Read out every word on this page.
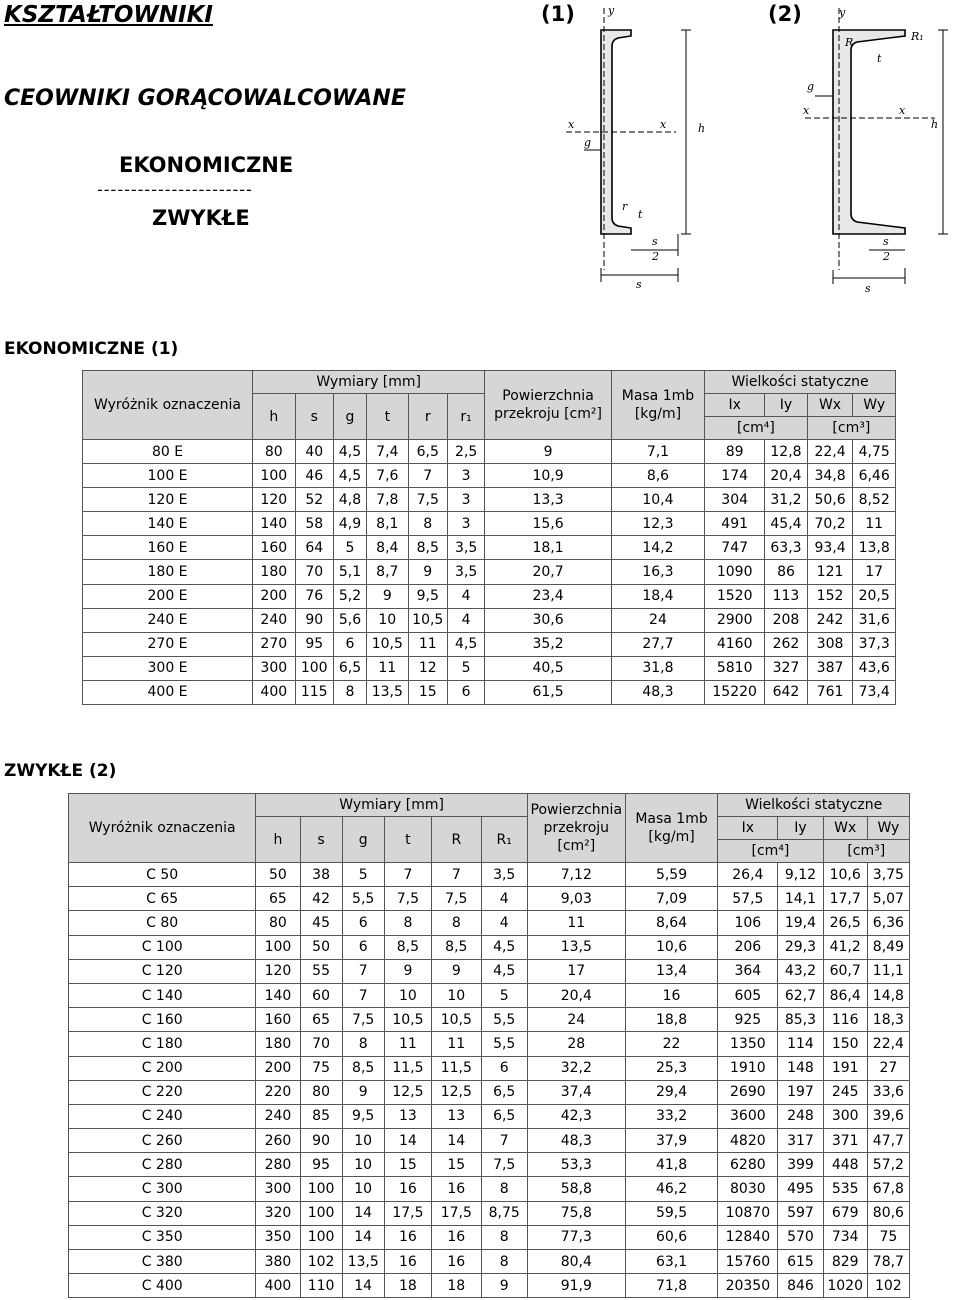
KSZTAŁTOWNIKI
CEOWNIKI GORĄCOWALCOWANE
EKONOMICZNE
-----------------------
ZWYKŁE
(1)	(2)
y
x	x	h
g
t
r
s
s
2
y
x	x
h
g
t
R	R₁
s
s
2
EKONOMICZNE (1)
Wyróżnik oznaczenia	Wymiary [mm]						Powierzchnia przekroju [cm²]	Masa 1mb [kg/m]	Wielkości statyczne			
	h	s	g	t	r	r₁			Ix	Iy	Wx	Wy
									[cm⁴]		[cm³]	
80 E	80	40	4,5	7,4	6,5	2,5	9	7,1	89	12,8	22,4	4,75
100 E	100	46	4,5	7,6	7	3	10,9	8,6	174	20,4	34,8	6,46
120 E	120	52	4,8	7,8	7,5	3	13,3	10,4	304	31,2	50,6	8,52
140 E	140	58	4,9	8,1	8	3	15,6	12,3	491	45,4	70,2	11
160 E	160	64	5	8,4	8,5	3,5	18,1	14,2	747	63,3	93,4	13,8
180 E	180	70	5,1	8,7	9	3,5	20,7	16,3	1090	86	121	17
200 E	200	76	5,2	9	9,5	4	23,4	18,4	1520	113	152	20,5
240 E	240	90	5,6	10	10,5	4	30,6	24	2900	208	242	31,6
270 E	270	95	6	10,5	11	4,5	35,2	27,7	4160	262	308	37,3
300 E	300	100	6,5	11	12	5	40,5	31,8	5810	327	387	43,6
400 E	400	115	8	13,5	15	6	61,5	48,3	15220	642	761	73,4
ZWYKŁE (2)
Wyróżnik oznaczenia	Wymiary [mm]						Powierzchnia przekroju [cm²]	Masa 1mb [kg/m]	Wielkości statyczne			
	h	s	g	t	R	R₁			Ix	Iy	Wx	Wy
									[cm⁴]		[cm³]	
C 50	50	38	5	7	7	3,5	7,12	5,59	26,4	9,12	10,6	3,75
C 65	65	42	5,5	7,5	7,5	4	9,03	7,09	57,5	14,1	17,7	5,07
C 80	80	45	6	8	8	4	11	8,64	106	19,4	26,5	6,36
C 100	100	50	6	8,5	8,5	4,5	13,5	10,6	206	29,3	41,2	8,49
C 120	120	55	7	9	9	4,5	17	13,4	364	43,2	60,7	11,1
C 140	140	60	7	10	10	5	20,4	16	605	62,7	86,4	14,8
C 160	160	65	7,5	10,5	10,5	5,5	24	18,8	925	85,3	116	18,3
C 180	180	70	8	11	11	5,5	28	22	1350	114	150	22,4
C 200	200	75	8,5	11,5	11,5	6	32,2	25,3	1910	148	191	27
C 220	220	80	9	12,5	12,5	6,5	37,4	29,4	2690	197	245	33,6
C 240	240	85	9,5	13	13	6,5	42,3	33,2	3600	248	300	39,6
C 260	260	90	10	14	14	7	48,3	37,9	4820	317	371	47,7
C 280	280	95	10	15	15	7,5	53,3	41,8	6280	399	448	57,2
C 300	300	100	10	16	16	8	58,8	46,2	8030	495	535	67,8
C 320	320	100	14	17,5	17,5	8,75	75,8	59,5	10870	597	679	80,6
C 350	350	100	14	16	16	8	77,3	60,6	12840	570	734	75
C 380	380	102	13,5	16	16	8	80,4	63,1	15760	615	829	78,7
C 400	400	110	14	18	18	9	91,9	71,8	20350	846	1020	102
